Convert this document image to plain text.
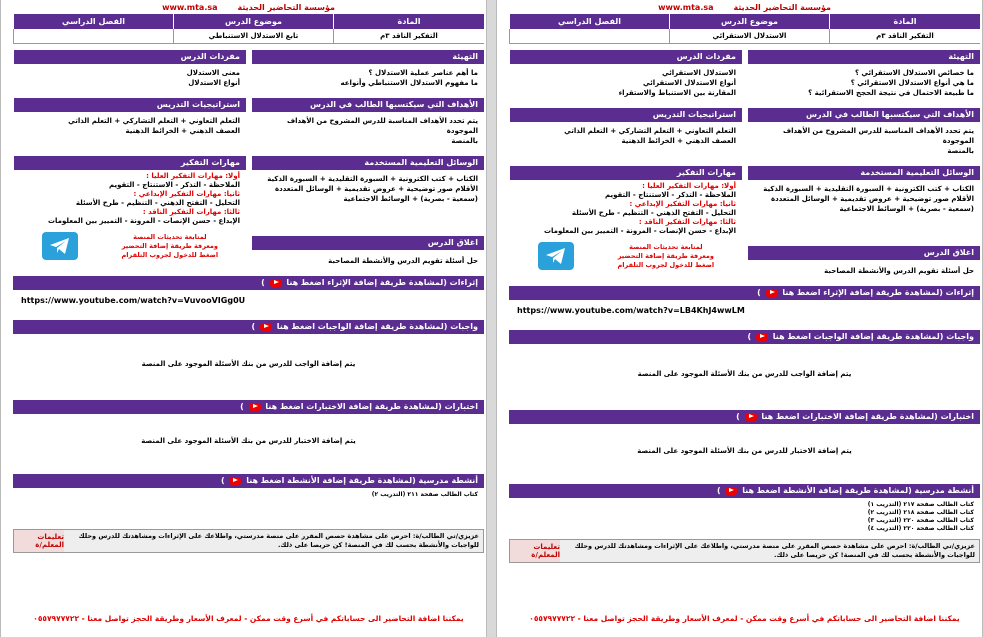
مؤسسة التحاضير الحديثة
www.mta.sa
المادة
موضوع الدرس
الفصل الدراسي
التفكير الناقد ٣م
تابع الاستدلال الاستنباطي
التهيئة
ما أهم عناصر عملية الاستدلال ؟
ما مفهوم الاستدلال الاستنباطي وأنواعه
مفردات الدرس
معنى الاستدلال
أنواع الاستدلال
الأهداف التي سيكتسبها الطالب في الدرس
يتم تحدد الأهداف المناسبة للدرس المشروح من الأهداف الموجودة
بالمنصة
استراتيجيات التدريس
التعلم التعاوني + التعلم التشاركي + التعلم الذاتي
العصف الذهني + الخرائط الذهنية
الوسائل التعليمية المستخدمة
الكتاب + كتب الكترونية + السبورة التقليدية + السبورة الذكية
الأقلام صور توضيحية + عروض تقديمية + الوسائل المتعددة
(سمعية - بصرية) + الوسائط الاجتماعية
اغلاق الدرس
حل أسئلة تقويم الدرس والأنشطة المصاحبة
مهارات التفكير
أولا: مهارات التفكير العليا :
الملاحظة - التذكر - الاستنتاج - التقويم
ثانيا: مهارات التفكير الإبداعي :
التحليل - التفتح الذهني - التنظيم - طرح الأسئلة
ثالثا: مهارات التفكير الناقد :
الإبداع - حسن الإنصات - المرونة - التمييز بين المعلومات
لمتابعة تحديثات المنصة
ومعرفة طريقة إضافة التحضير
اضغط للدخول لجروب التلقرام
إثراءات (لمشاهدة طريقة إضافة الإثراء اضغط هنا  )
https://www.youtube.com/watch?v=VuvooVIGg0U
واجبات (لمشاهدة طريقة إضافة الواجبات اضغط هنا  )
يتم إضافة الواجب للدرس من بنك الأسئلة الموجود على المنصة
اختبارات (لمشاهدة طريقة إضافة الاختبارات اضغط هنا  )
يتم إضافة الاختبار للدرس من بنك الأسئلة الموجود على المنصة
أنشطة مدرسية (لمشاهدة طريقة إضافة الأنشطة اضغط هنا  )
كتاب الطالب صفحة ٢١١ (التدريب ٢)
عزيزي/تي الطالب/ة: احرص على مشاهدة حصص المقرر على منصة مدرستي، واطلاعك على الإثراءات ومشاهدتك للدرس وحلك للواجبات والأنشطة بحسب لك في المنصة! كن حريصا على ذلك.
تعليمات المعلم/ة
يمكننا اضافة التحاضير الى حساباتكم في أسرع وقت ممكن - لمعرف الأسعار وطريقة الحجز تواصل معنا - ٠٥٥٧٩٧٧٧٢٢
مؤسسة التحاضير الحديثة
www.mta.sa
المادة
موضوع الدرس
الفصل الدراسي
التفكير الناقد ٣م
الاستدلال الاستقرائي
التهيئة
ما خصائص الاستدلال الاستقرائي ؟
ما هي أنواع الاستدلال الاستقرائي ؟
ما طبيعة الاحتمال في نتيجة الحجج الاستقرائية ؟
مفردات الدرس
الاستدلال الاستقرائي
أنواع الاستدلال الاستقرائي
المقارنة بين الاستنباط والاستقراء
الأهداف التي سيكتسبها الطالب في الدرس
يتم تحدد الأهداف المناسبة للدرس المشروح من الأهداف الموجودة
بالمنصة
استراتيجيات التدريس
التعلم التعاوني + التعلم التشاركي + التعلم الذاتي
العصف الذهني + الخرائط الذهنية
الوسائل التعليمية المستخدمة
الكتاب + كتب الكترونية + السبورة التقليدية + السبورة الذكية
الأقلام صور توضيحية + عروض تقديمية + الوسائل المتعددة
(سمعية - بصرية) + الوسائط الاجتماعية
اغلاق الدرس
حل أسئلة تقويم الدرس والأنشطة المصاحبة
مهارات التفكير
أولا: مهارات التفكير العليا :
الملاحظة - التذكر - الاستنتاج - التقويم
ثانيا: مهارات التفكير الإبداعي :
التحليل - التفتح الذهني - التنظيم - طرح الأسئلة
ثالثا: مهارات التفكير الناقد :
الإبداع - حسن الإنصات - المرونة - التمييز بين المعلومات
لمتابعة تحديثات المنصة
ومعرفة طريقة إضافة التحضير
اضغط للدخول لجروب التلقرام
إثراءات (لمشاهدة طريقة إضافة الإثراء اضغط هنا  )
https://www.youtube.com/watch?v=LB4KhJ4wwLM
واجبات (لمشاهدة طريقة إضافة الواجبات اضغط هنا  )
يتم إضافة الواجب للدرس من بنك الأسئلة الموجود على المنصة
اختبارات (لمشاهدة طريقة إضافة الاختبارات اضغط هنا  )
يتم إضافة الاختبار للدرس من بنك الأسئلة الموجود على المنصة
أنشطة مدرسية (لمشاهدة طريقة إضافة الأنشطة اضغط هنا  )
كتاب الطالب صفحة ٢١٧ (التدريب ١)
كتاب الطالب صفحة ٢١٨ (التدريب ٢)
كتاب الطالب صفحة ٢٢٠ (التدريب ٣)
كتاب الطالب صفحة ٢٢٠ (التدريب ٤)
عزيزي/تي الطالب/ة: احرص على مشاهدة حصص المقرر على منصة مدرستي، واطلاعك على الإثراءات ومشاهدتك للدرس وحلك للواجبات والأنشطة بحسب لك في المنصة! كن حريصا على ذلك.
تعليمات المعلم/ة
يمكننا اضافة التحاضير الى حساباتكم في أسرع وقت ممكن - لمعرف الأسعار وطريقة الحجز تواصل معنا - ٠٥٥٧٩٧٧٧٢٢
